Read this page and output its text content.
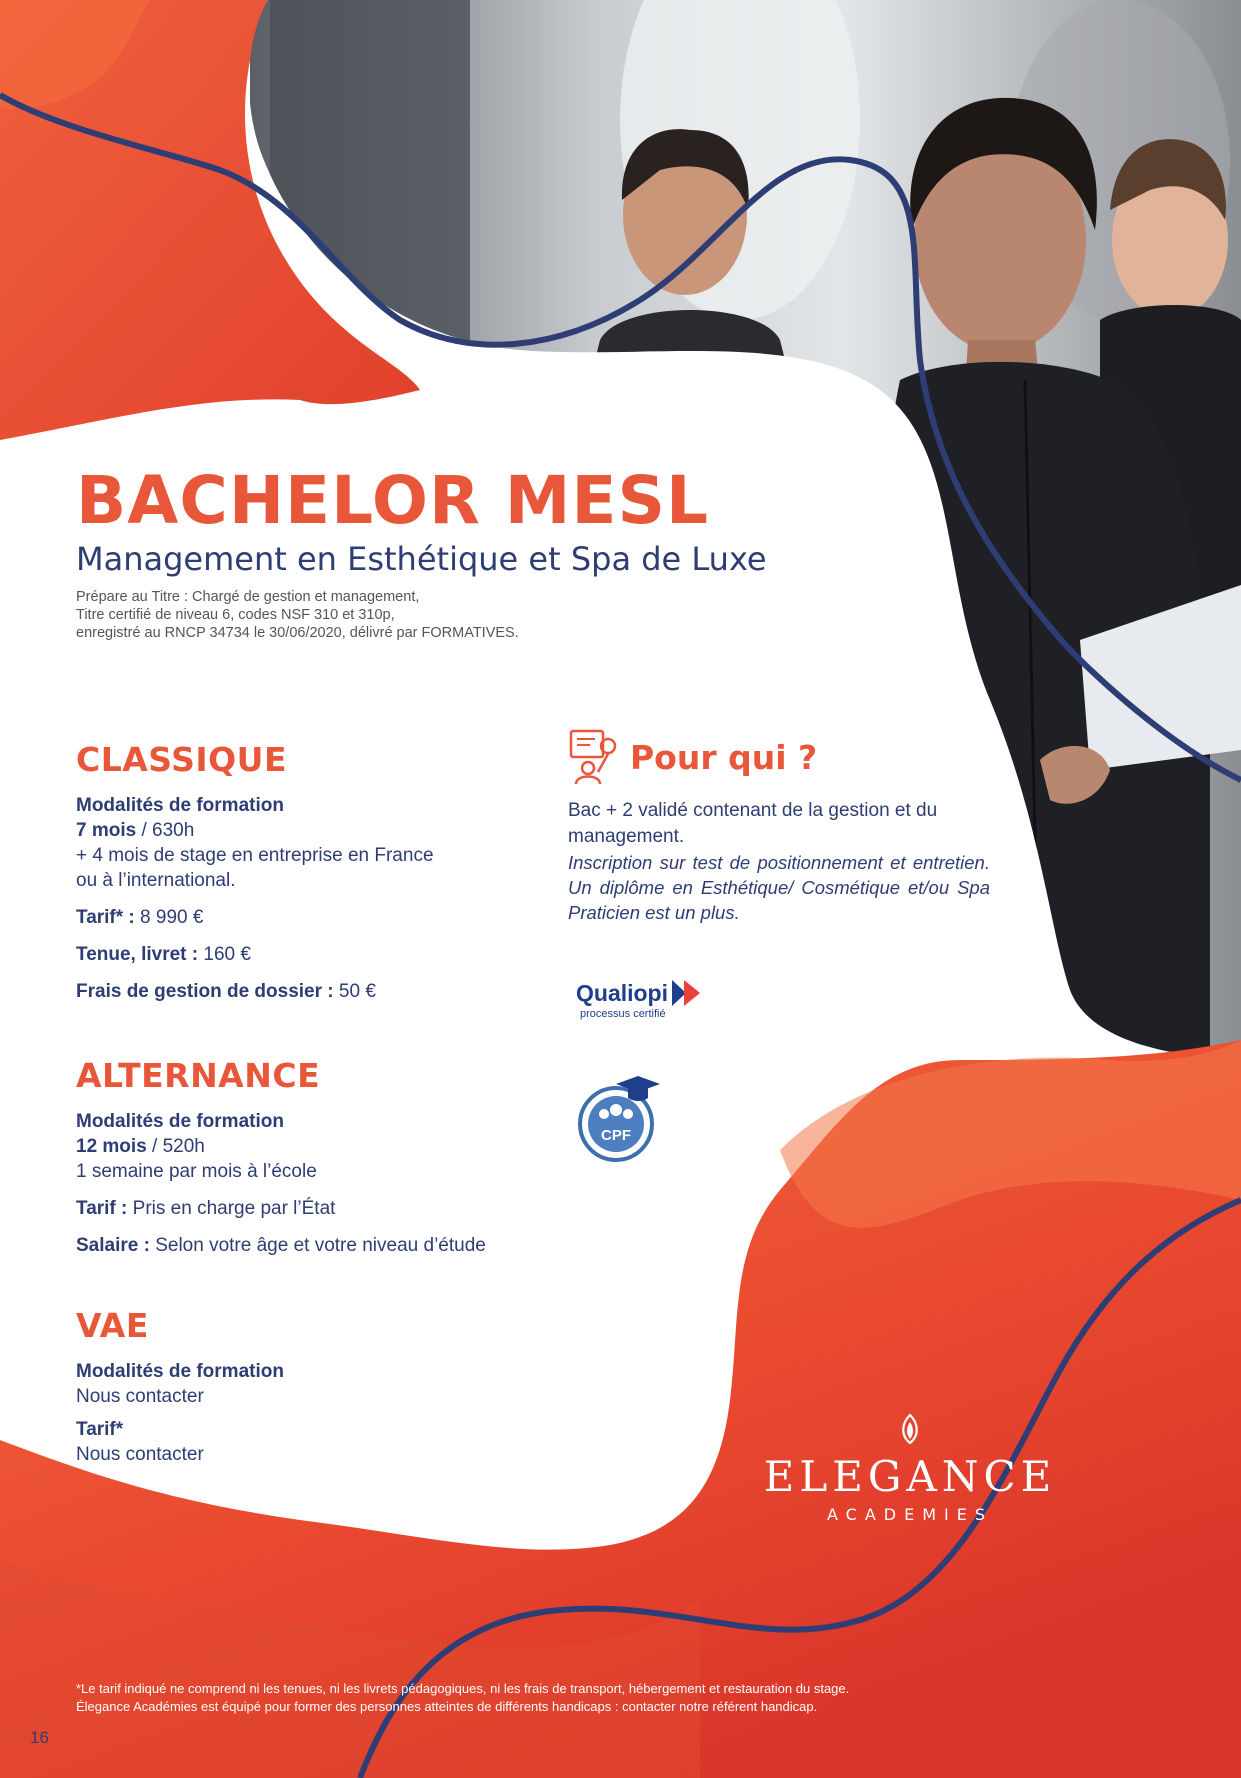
BACHELOR MESL
Management en Esthétique et Spa de Luxe
Prépare au Titre : Chargé de gestion et management,
Titre certifié de niveau 6, codes NSF 310 et 310p,
enregistré au RNCP 34734 le 30/06/2020, délivré par FORMATIVES.
CLASSIQUE
Modalités de formation
7 mois / 630h
+ 4 mois de stage en entreprise en France
ou à l’international.
Tarif* : 8 990 €
Tenue, livret : 160 €
Frais de gestion de dossier : 50 €
ALTERNANCE
Modalités de formation
12 mois / 520h
1 semaine par mois à l’école
Tarif : Pris en charge par l’État
Salaire : Selon votre âge et votre niveau d’étude
VAE
Modalités de formation
Nous contacter
Tarif*
Nous contacter
Pour qui ?
Bac + 2 validé contenant de la gestion et du
management.
Inscription sur test de positionnement et entretien. Un diplôme en Esthétique/ Cosmétique et/ou Spa Praticien est un plus.
Qualiopi
processus certifié
CPF
ELEGANCE
ACADEMIES
*Le tarif indiqué ne comprend ni les tenues, ni les livrets pédagogiques, ni les frais de transport, hébergement et restauration du stage.
Élegance Académies est équipé pour former des personnes atteintes de différents handicaps : contacter notre référent handicap.
16
